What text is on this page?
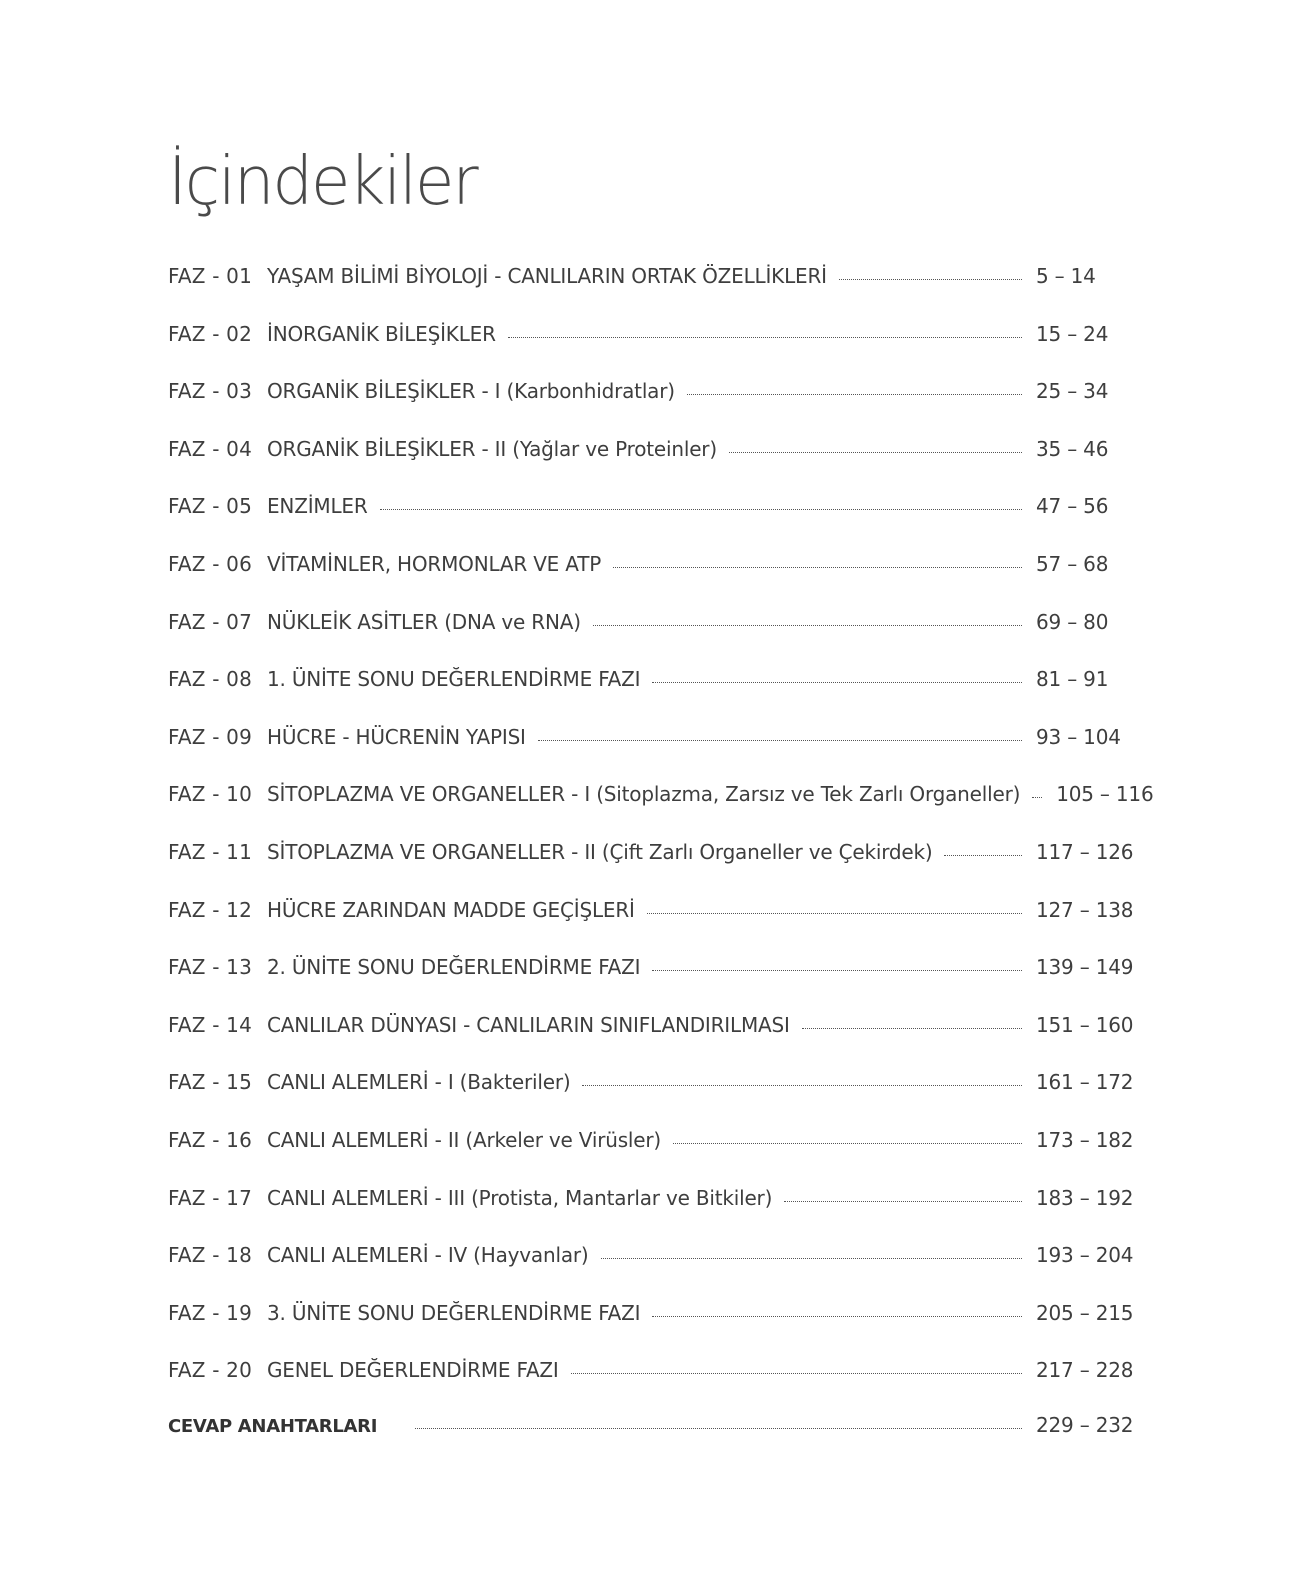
İçindekiler
FAZ - 01 YAŞAM BİLİMİ BİYOLOJİ - CANLILARIN ORTAK ÖZELLİKLERİ	5 – 14
FAZ - 02 İNORGANİK BİLEŞİKLER	15 – 24
FAZ - 03 ORGANİK BİLEŞİKLER - I (Karbonhidratlar)	25 – 34
FAZ - 04 ORGANİK BİLEŞİKLER - II (Yağlar ve Proteinler)	35 – 46
FAZ - 05 ENZİMLER	47 – 56
FAZ - 06 VİTAMİNLER, HORMONLAR VE ATP	57 – 68
FAZ - 07 NÜKLEİK ASİTLER (DNA ve RNA)	69 – 80
FAZ - 08 1. ÜNİTE SONU DEĞERLENDİRME FAZI	81 – 91
FAZ - 09 HÜCRE - HÜCRENİN YAPISI	93 – 104
FAZ - 10 SİTOPLAZMA VE ORGANELLER - I (Sitoplazma, Zarsız ve Tek Zarlı Organeller) 105 – 116
FAZ - 11 SİTOPLAZMA VE ORGANELLER - II (Çift Zarlı Organeller ve Çekirdek)	117 – 126
FAZ - 12 HÜCRE ZARINDAN MADDE GEÇİŞLERİ	127 – 138
FAZ - 13 2. ÜNİTE SONU DEĞERLENDİRME FAZI	139 – 149
FAZ - 14 CANLILAR DÜNYASI - CANLILARIN SINIFLANDIRILMASI	151 – 160
FAZ - 15 CANLI ALEMLERİ - I (Bakteriler)	161 – 172
FAZ - 16 CANLI ALEMLERİ - II (Arkeler ve Virüsler)	173 – 182
FAZ - 17 CANLI ALEMLERİ - III (Protista, Mantarlar ve Bitkiler)	183 – 192
FAZ - 18 CANLI ALEMLERİ - IV (Hayvanlar)	193 – 204
FAZ - 19 3. ÜNİTE SONU DEĞERLENDİRME FAZI	205 – 215
FAZ - 20 GENEL DEĞERLENDİRME FAZI	217 – 228
CEVAP ANAHTARLARI	229 – 232
